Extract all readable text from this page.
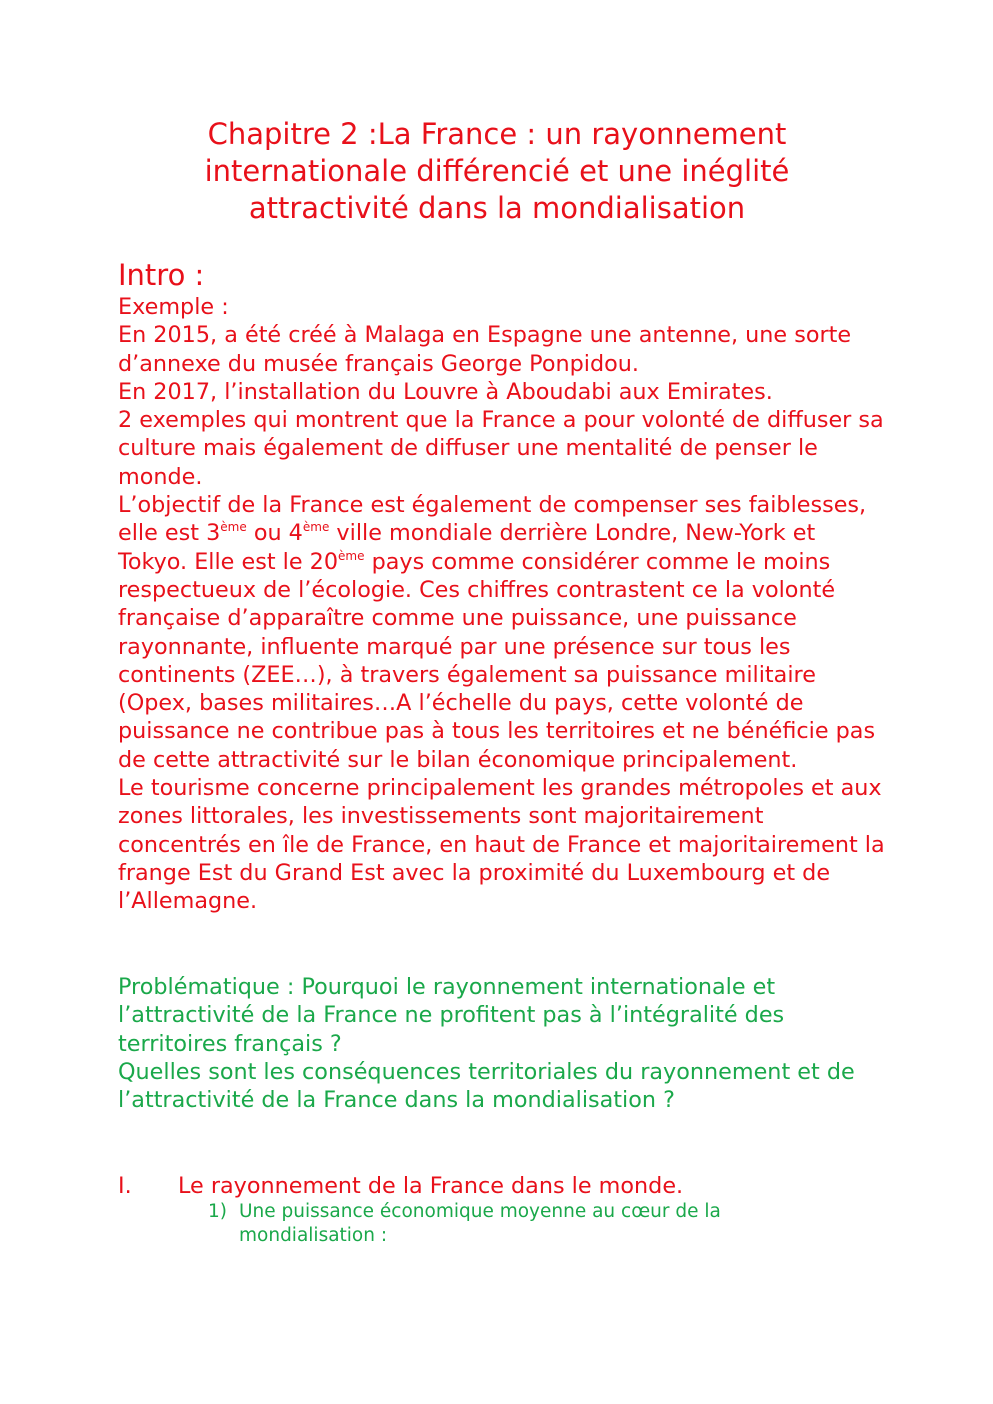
Chapitre 2 :La France : un rayonnement
internationale différencié et une inéglité
attractivité dans la mondialisation
Intro :

Exemple :

En 2015, a été créé à Malaga en Espagne une antenne, une sorte d’annexe du musée français George Ponpidou.

En 2017, l’installation du Louvre à Aboudabi aux Emirates.

2 exemples qui montrent que la France a pour volonté de diffuser sa culture mais également de diffuser une mentalité de penser le monde.

L’objectif de la France est également de compenser ses faiblesses, elle est 3ème ou 4ème ville mondiale derrière Londre, New-York et Tokyo. Elle est le 20ème pays comme considérer comme le moins respectueux de l’écologie. Ces chiffres contrastent ce la volonté française d’apparaître comme une puissance, une puissance rayonnante, influente marqué par une présence sur tous les continents (ZEE…), à travers également sa puissance militaire (Opex, bases militaires…A l’échelle du pays, cette volonté de puissance ne contribue pas à tous les territoires et ne bénéficie pas de cette attractivité sur le bilan économique principalement.

Le tourisme concerne principalement les grandes métropoles et aux zones littorales, les investissements sont majoritairement concentrés en île de France, en haut de France et majoritairement la frange Est du Grand Est avec la proximité du Luxembourg et de l’Allemagne.

Problématique : Pourquoi le rayonnement internationale et l’attractivité de la France ne profitent pas à l’intégralité des territoires français ?

Quelles sont les conséquences territoriales du rayonnement et de l’attractivité de la France dans la mondialisation ?

I. Le rayonnement de la France dans le monde.
1) Une puissance économique moyenne au cœur de la mondialisation :
